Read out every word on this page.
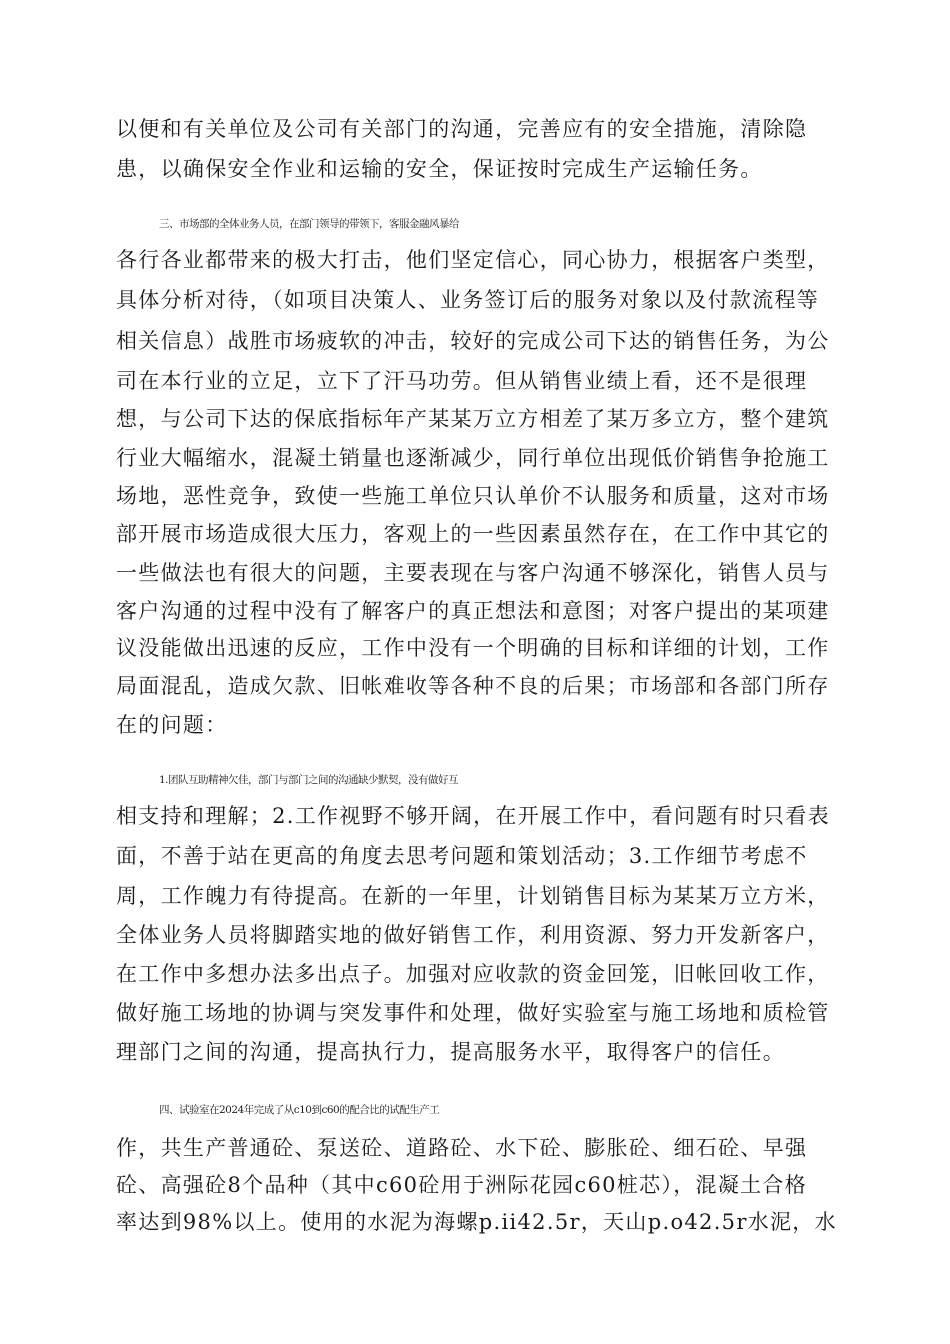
以便和有关单位及公司有关部门的沟通，完善应有的安全措施，清除隐

患，以确保安全作业和运输的安全，保证按时完成生产运输任务。

三、市场部的全体业务人员，在部门领导的带领下，客服金融风暴给

各行各业都带来的极大打击，他们坚定信心，同心协力，根据客户类型，

具体分析对待，（如项目决策人、业务签订后的服务对象以及付款流程等

相关信息）战胜市场疲软的冲击，较好的完成公司下达的销售任务，为公

司在本行业的立足，立下了汗马功劳。但从销售业绩上看，还不是很理

想，与公司下达的保底指标年产某某万立方相差了某万多立方，整个建筑

行业大幅缩水，混凝土销量也逐渐减少，同行单位出现低价销售争抢施工

场地，恶性竞争，致使一些施工单位只认单价不认服务和质量，这对市场

部开展市场造成很大压力，客观上的一些因素虽然存在，在工作中其它的

一些做法也有很大的问题，主要表现在与客户沟通不够深化，销售人员与

客户沟通的过程中没有了解客户的真正想法和意图；对客户提出的某项建

议没能做出迅速的反应，工作中没有一个明确的目标和详细的计划，工作

局面混乱，造成欠款、旧帐难收等各种不良的后果；市场部和各部门所存

在的问题：

1.团队互助精神欠佳，部门与部门之间的沟通缺少默契，没有做好互

相支持和理解；2.工作视野不够开阔，在开展工作中，看问题有时只看表

面，不善于站在更高的角度去思考问题和策划活动；3.工作细节考虑不

周，工作魄力有待提高。在新的一年里，计划销售目标为某某万立方米，

全体业务人员将脚踏实地的做好销售工作，利用资源、努力开发新客户，

在工作中多想办法多出点子。加强对应收款的资金回笼，旧帐回收工作，

做好施工场地的协调与突发事件和处理，做好实验室与施工场地和质检管

理部门之间的沟通，提高执行力，提高服务水平，取得客户的信任。

四、试验室在2024年完成了从c10到c60的配合比的试配生产工

作，共生产普通砼、泵送砼、道路砼、水下砼、膨胀砼、细石砼、早强

砼、高强砼8个品种（其中c60砼用于洲际花园c60桩芯），混凝土合格

率达到98%以上。使用的水泥为海螺p.ii42.5r，天山p.o42.5r水泥，水
